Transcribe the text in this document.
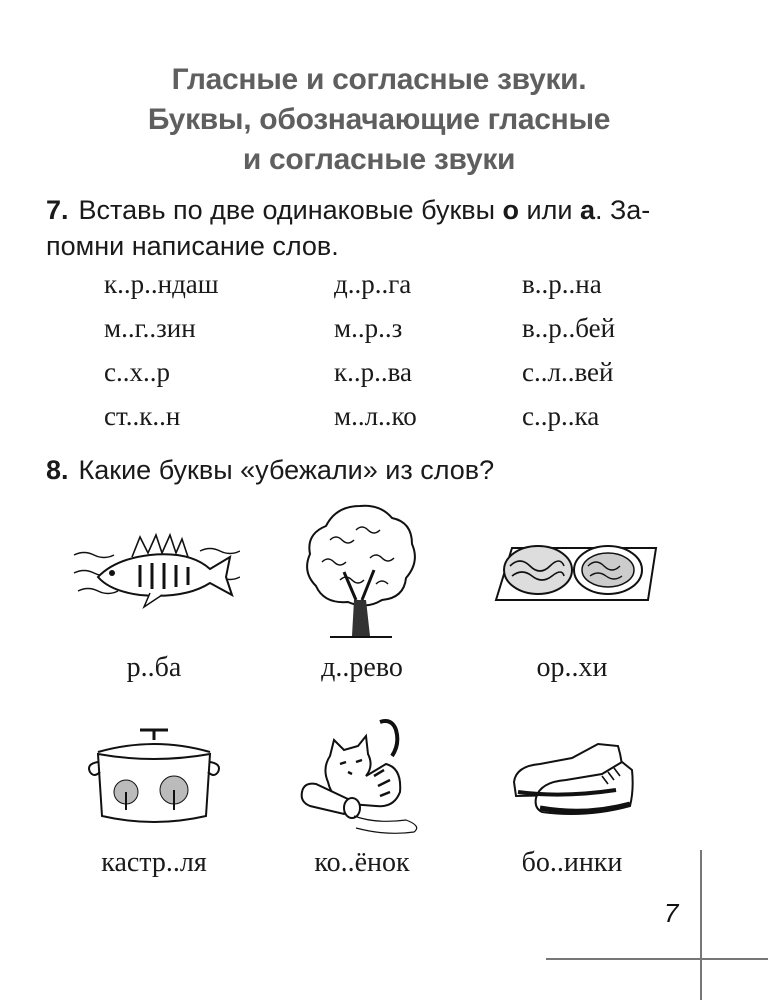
Гласные и согласные звуки.
Буквы, обозначающие гласные
и согласные звуки
7. Вставь по две одинаковые буквы о или а. За-
помни написание слов.
к..р..ндаш	д..р..га	в..р..на
м..г..зин	м..р..з	в..р..бей
с..х..р	к..р..ва	с..л..вей
ст..к..н	м..л..ко	с..р..ка
8. Какие буквы «убежали» из слов?
р..ба	д..рево	ор..хи
кастр..ля	ко..ёнок	бо..инки
7
